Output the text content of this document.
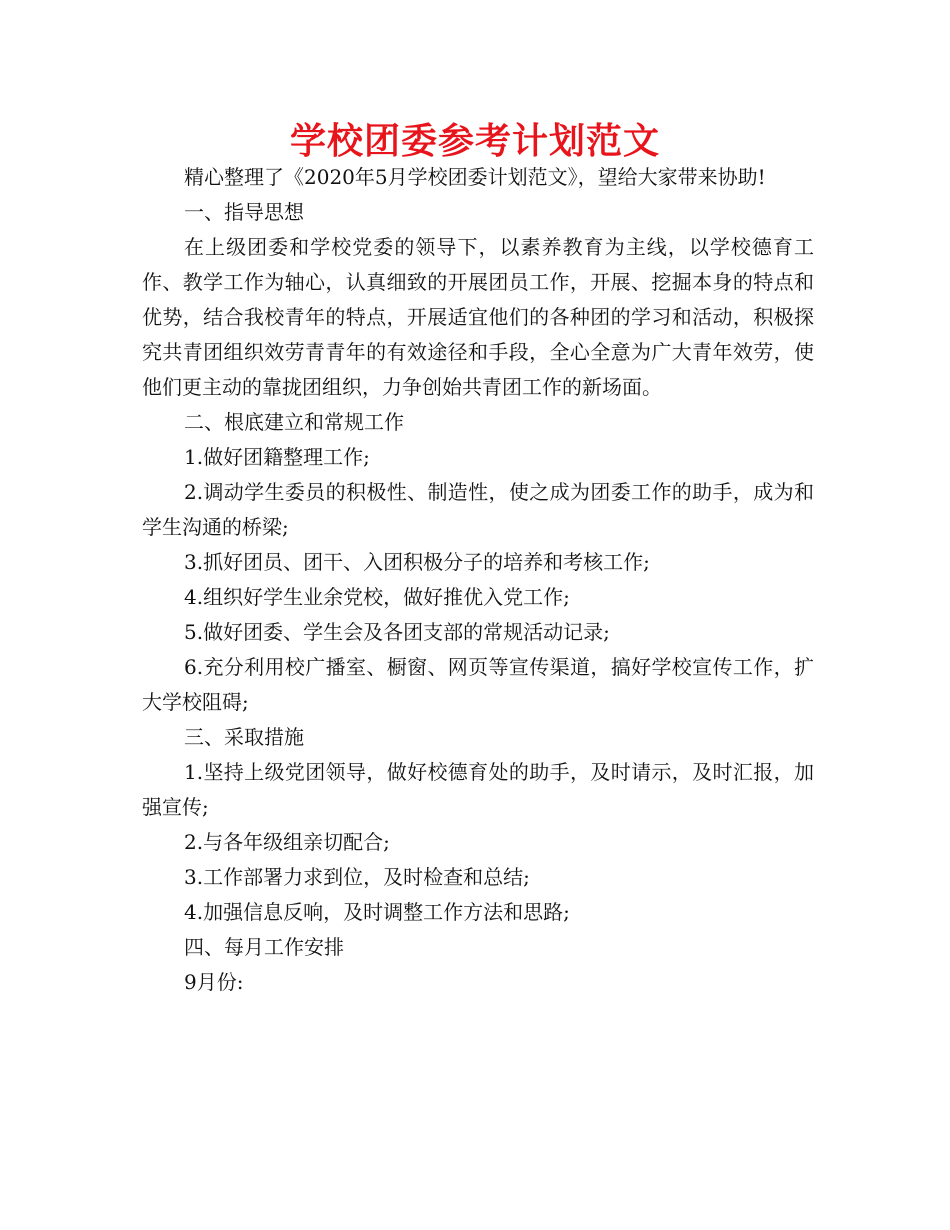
学校团委参考计划范文

精心整理了《2020年5月学校团委计划范文》，望给大家带来协助!

一、指导思想

在上级团委和学校党委的领导下，以素养教育为主线，以学校德育工作、教学工作为轴心，认真细致的开展团员工作，开展、挖掘本身的特点和优势，结合我校青年的特点，开展适宜他们的各种团的学习和活动，积极探究共青团组织效劳青青年的有效途径和手段，全心全意为广大青年效劳，使他们更主动的靠拢团组织，力争创始共青团工作的新场面。

二、根底建立和常规工作

1.做好团籍整理工作;

2.调动学生委员的积极性、制造性，使之成为团委工作的助手，成为和学生沟通的桥梁;

3.抓好团员、团干、入团积极分子的培养和考核工作;

4.组织好学生业余党校，做好推优入党工作;

5.做好团委、学生会及各团支部的常规活动记录;

6.充分利用校广播室、橱窗、网页等宣传渠道，搞好学校宣传工作，扩大学校阻碍;

三、采取措施

1.坚持上级党团领导，做好校德育处的助手，及时请示，及时汇报，加强宣传;

2.与各年级组亲切配合;

3.工作部署力求到位，及时检查和总结;

4.加强信息反响，及时调整工作方法和思路;

四、每月工作安排

9月份:
